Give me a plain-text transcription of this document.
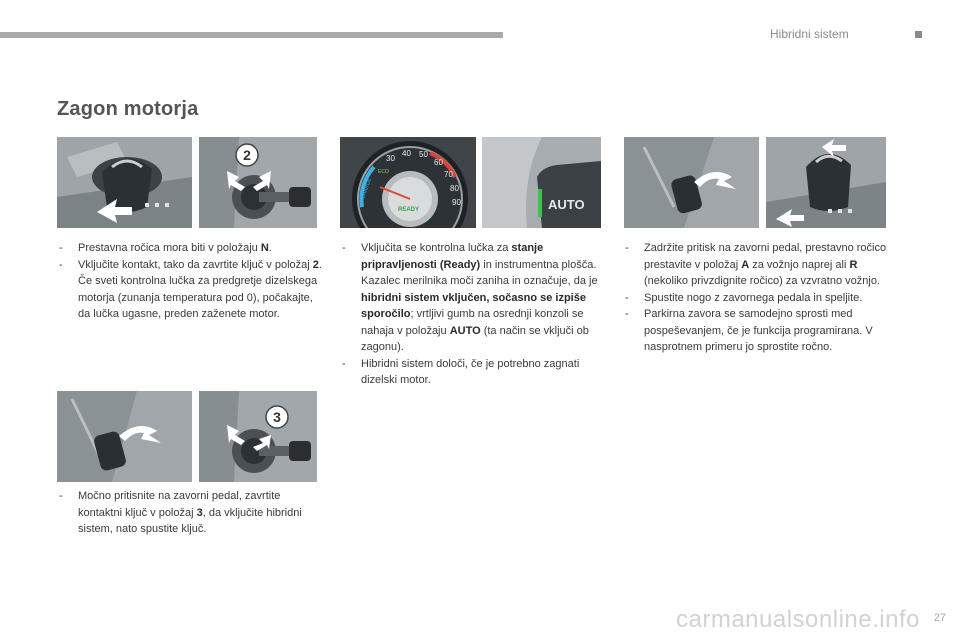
Hibridni sistem
Zagon motorja
2	30
40 50
60
70
80
90
CHARGE
ECO
READY	AUTO
3
- Prestavna ročica mora biti v položaju N.
- Vključite kontakt, tako da zavrtite ključ v položaj 2.
Če sveti kontrolna lučka za predgretje dizelskega motorja (zunanja temperatura pod 0), počakajte, da lučka ugasne, preden zaženete motor.
- Močno pritisnite na zavorni pedal, zavrtite kontaktni ključ v položaj 3, da vključite hibridni sistem, nato spustite ključ.
- Vključita se kontrolna lučka za stanje pripravljenosti (Ready) in instrumentna plošča. Kazalec merilnika moči zaniha in označuje, da je hibridni sistem vključen, sočasno se izpiše sporočilo; vrtljivi gumb na osrednji konzoli se nahaja v položaju AUTO (ta način se vključi ob zagonu).
- Hibridni sistem določi, če je potrebno zagnati dizelski motor.
- Zadržite pritisk na zavorni pedal, prestavno ročico prestavite v položaj A za vožnjo naprej ali R (nekoliko privzdignite ročico) za vzvratno vožnjo.
- Spustite nogo z zavornega pedala in speljite.
- Parkirna zavora se samodejno sprosti med pospeševanjem, če je funkcija programirana. V nasprotnem primeru jo sprostite ročno.
carmanualsonline.info 27
